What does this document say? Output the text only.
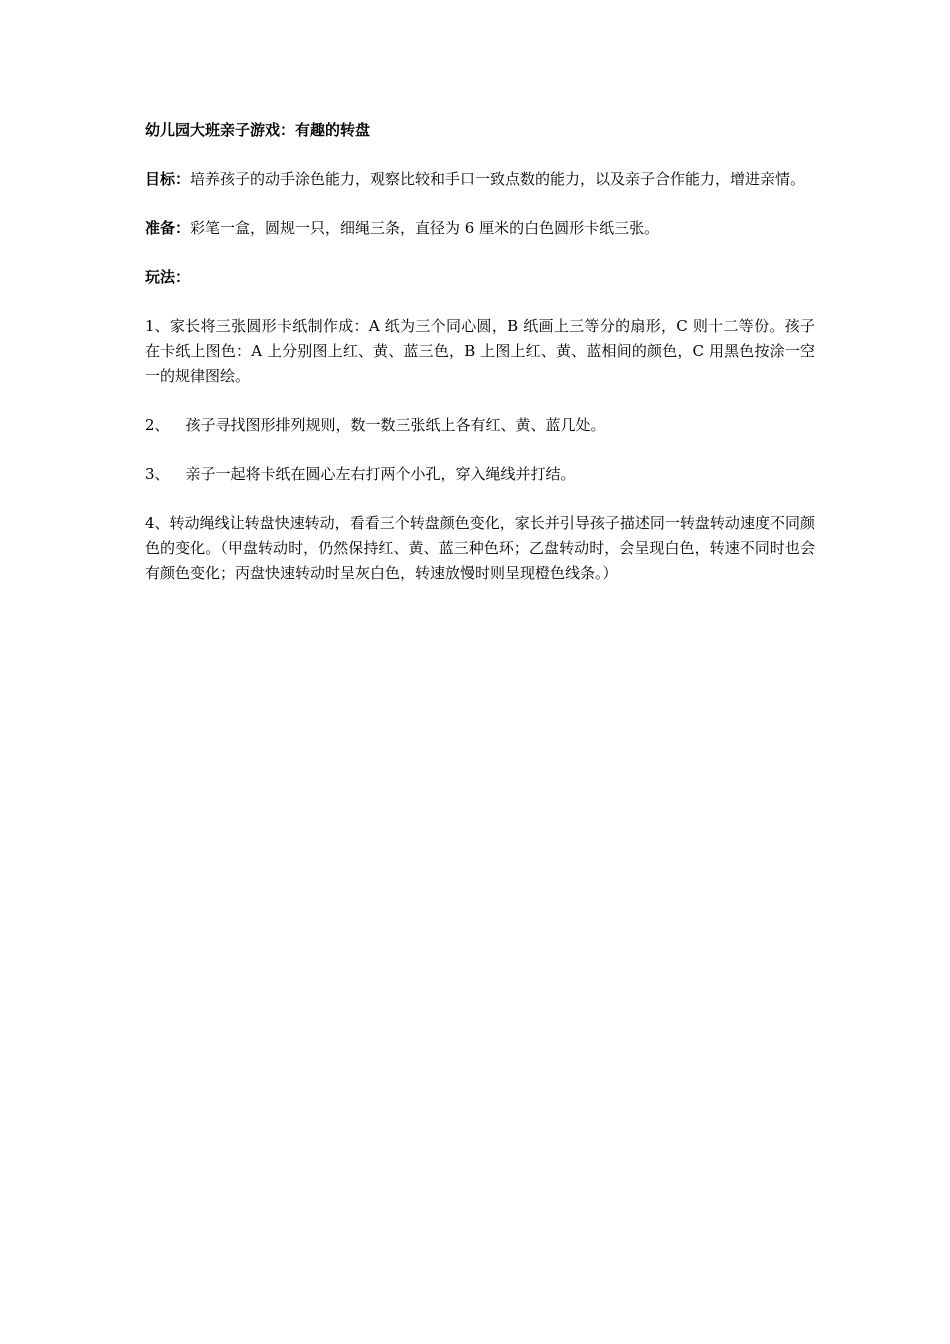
幼儿园大班亲子游戏：有趣的转盘

目标：培养孩子的动手涂色能力，观察比较和手口一致点数的能力，以及亲子合作能力，增进亲情。

准备：彩笔一盒，圆规一只，细绳三条，直径为 6 厘米的白色圆形卡纸三张。

玩法：

1、家长将三张圆形卡纸制作成：A 纸为三个同心圆，B 纸画上三等分的扇形，C 则十二等份。孩子在卡纸上图色：A 上分别图上红、黄、蓝三色，B 上图上红、黄、蓝相间的颜色，C 用黑色按涂一空一的规律图绘。

2、 孩子寻找图形排列规则，数一数三张纸上各有红、黄、蓝几处。

3、 亲子一起将卡纸在圆心左右打两个小孔，穿入绳线并打结。

4、转动绳线让转盘快速转动，看看三个转盘颜色变化，家长并引导孩子描述同一转盘转动速度不同颜色的变化。（甲盘转动时，仍然保持红、黄、蓝三种色环；乙盘转动时，会呈现白色，转速不同时也会有颜色变化；丙盘快速转动时呈灰白色，转速放慢时则呈现橙色线条。）
